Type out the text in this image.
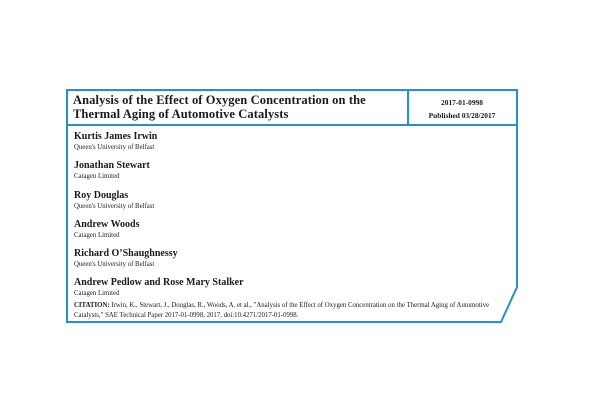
Analysis of the Effect of Oxygen Concentration on the Thermal Aging of Automotive Catalysts
2017-01-0998
Published 03/28/2017
Kurtis James Irwin
Queen's University of Belfast
Jonathan Stewart
Catagen Limited
Roy Douglas
Queen's University of Belfast
Andrew Woods
Catagen Limited
Richard O’Shaughnessy
Queen's University of Belfast
Andrew Pedlow and Rose Mary Stalker
Catagen Limited
CITATION: Irwin, K., Stewart, J., Douglas, R., Woods, A. et al., "Analysis of the Effect of Oxygen Concentration on the Thermal Aging of Automotive Catalysts," SAE Technical Paper 2017-01-0998, 2017, doi:10.4271/2017-01-0998.
